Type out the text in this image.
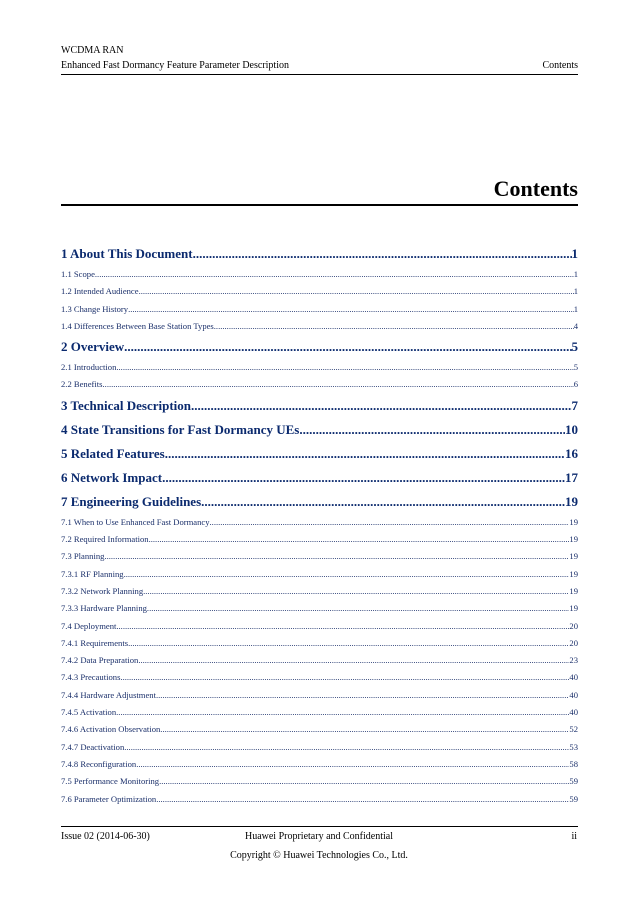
WCDMA RAN
Enhanced Fast Dormancy Feature Parameter Description	Contents
Contents
1 About This Document .....	1
1.1 Scope .....	1
1.2 Intended Audience .....	1
1.3 Change History .....	1
1.4 Differences Between Base Station Types .....	4
2 Overview .....	5
2.1 Introduction .....	5
2.2 Benefits .....	6
3 Technical Description .....	7
4 State Transitions for Fast Dormancy UEs .....	10
5 Related Features .....	16
6 Network Impact .....	17
7 Engineering Guidelines .....	19
7.1 When to Use Enhanced Fast Dormancy .....	19
7.2 Required Information .....	19
7.3 Planning .....	19
7.3.1 RF Planning .....	19
7.3.2 Network Planning .....	19
7.3.3 Hardware Planning .....	19
7.4 Deployment .....	20
7.4.1 Requirements .....	20
7.4.2 Data Preparation .....	23
7.4.3 Precautions .....	40
7.4.4 Hardware Adjustment .....	40
7.4.5 Activation .....	40
7.4.6 Activation Observation .....	52
7.4.7 Deactivation .....	53
7.4.8 Reconfiguration .....	58
7.5 Performance Monitoring .....	59
7.6 Parameter Optimization .....	59
Issue 02 (2014-06-30)	Huawei Proprietary and Confidential
Copyright © Huawei Technologies Co., Ltd.
ii
